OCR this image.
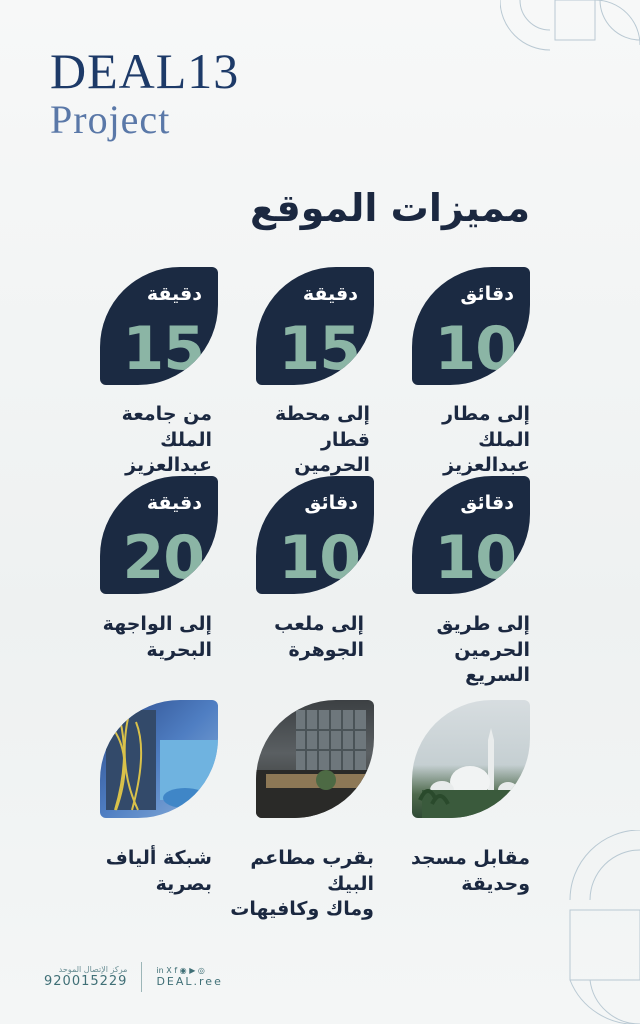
DEAL13
Project
مميزات الموقع
دقائق
10
إلى مطار الملك
عبدالعزيز
دقيقة
15
إلى محطة قطار
الحرمين
دقيقة
15
من جامعة
الملك عبدالعزيز
دقائق
10
إلى طريق
الحرمين السريع
دقائق
10
إلى ملعب
الجوهرة
دقيقة
20
إلى الواجهة
البحرية
مقابل مسجد
وحديقة
بقرب مطاعم البيك
وماك وكافيهات
شبكة ألياف
بصرية
مركز الإتصال الموحد
920015229
in X f ◉ ▶ ◎
DEAL.ree
